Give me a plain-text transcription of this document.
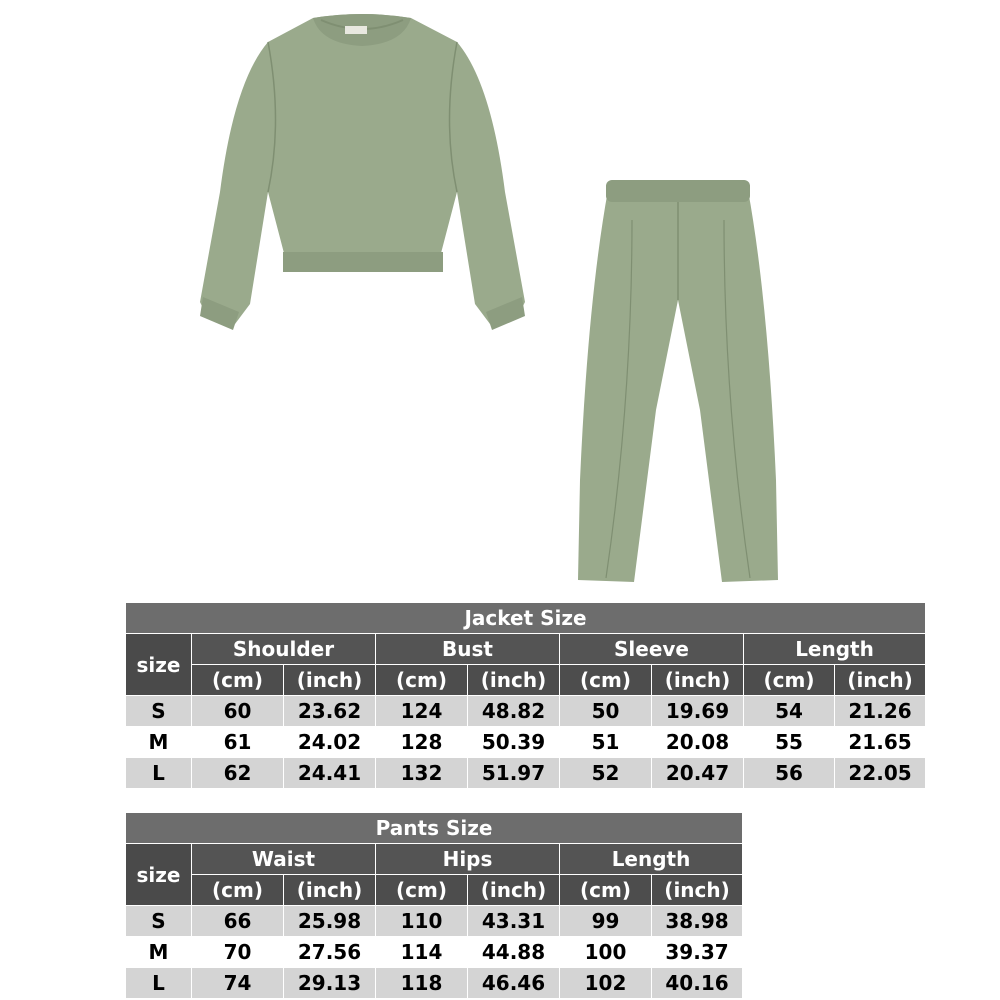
Jacket Size								
size	Shoulder		Bust		Sleeve		Length	
	(cm)	(inch)	(cm)	(inch)	(cm)	(inch)	(cm)	(inch)
S	60	23.62	124	48.82	50	19.69	54	21.26
M	61	24.02	128	50.39	51	20.08	55	21.65
L	62	24.41	132	51.97	52	20.47	56	22.05
Pants Size						
size	Waist		Hips		Length	
	(cm)	(inch)	(cm)	(inch)	(cm)	(inch)
S	66	25.98	110	43.31	99	38.98
M	70	27.56	114	44.88	100	39.37
L	74	29.13	118	46.46	102	40.16
